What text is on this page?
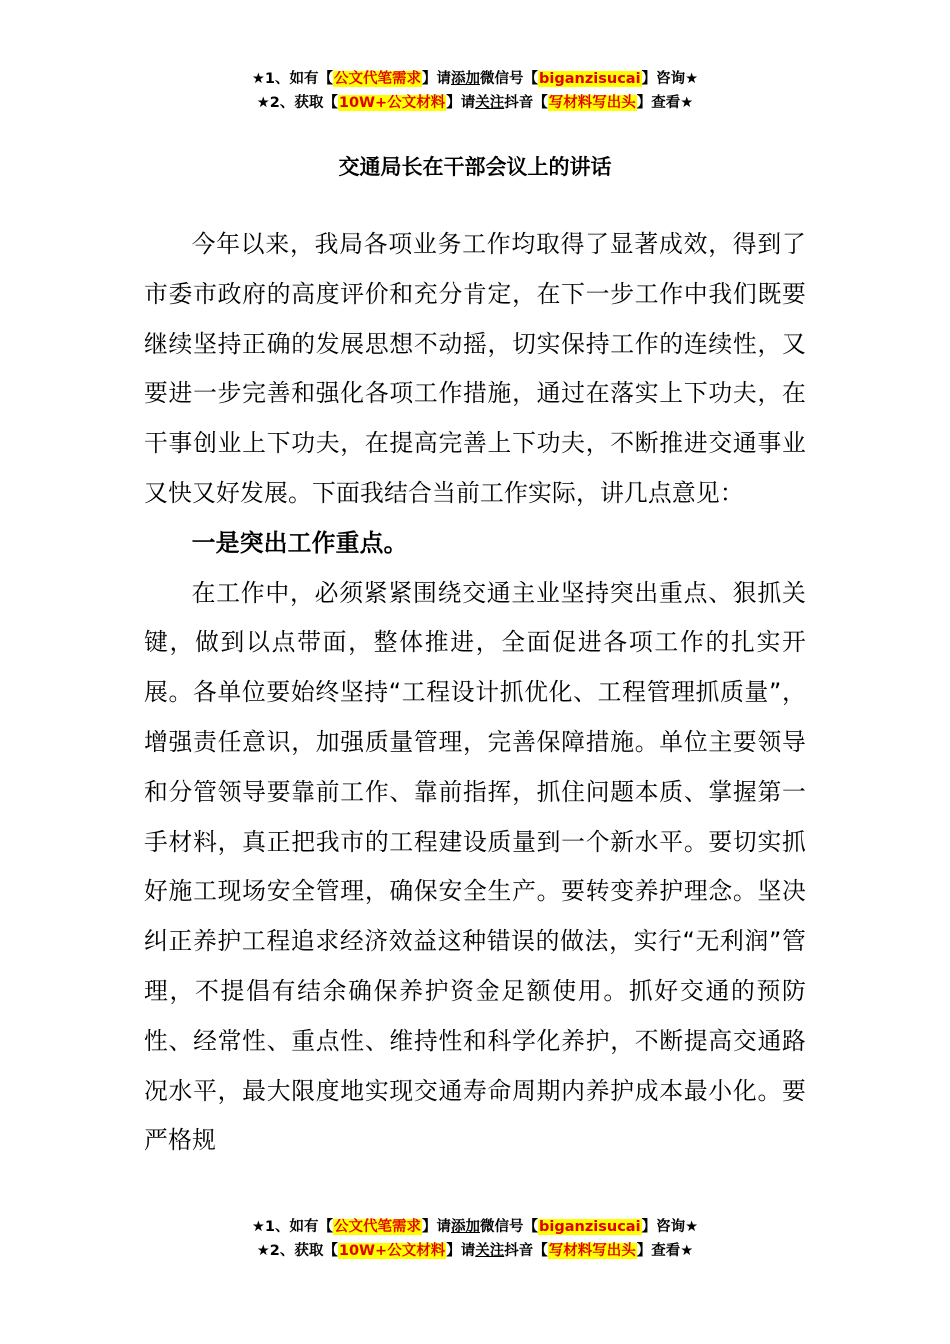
★1、如有【公文代笔需求】请添加微信号【biganzisucai】咨询★
★2、获取【10W+公文材料】请关注抖音【写材料写出头】查看★
交通局长在干部会议上的讲话

今年以来，我局各项业务工作均取得了显著成效，得到了市委市政府的高度评价和充分肯定，在下一步工作中我们既要继续坚持正确的发展思想不动摇，切实保持工作的连续性，又要进一步完善和强化各项工作措施，通过在落实上下功夫，在干事创业上下功夫，在提高完善上下功夫，不断推进交通事业又快又好发展。下面我结合当前工作实际，讲几点意见：

一是突出工作重点。

在工作中，必须紧紧围绕交通主业坚持突出重点、狠抓关键，做到以点带面，整体推进，全面促进各项工作的扎实开展。各单位要始终坚持“工程设计抓优化、工程管理抓质量”，增强责任意识，加强质量管理，完善保障措施。单位主要领导和分管领导要靠前工作、靠前指挥，抓住问题本质、掌握第一手材料，真正把我市的工程建设质量到一个新水平。要切实抓好施工现场安全管理，确保安全生产。要转变养护理念。坚决纠正养护工程追求经济效益这种错误的做法，实行“无利润”管理，不提倡有结余确保养护资金足额使用。抓好交通的预防性、经常性、重点性、维持性和科学化养护，不断提高交通路况水平，最大限度地实现交通寿命周期内养护成本最小化。要严格规

★1、如有【公文代笔需求】请添加微信号【biganzisucai】咨询★
★2、获取【10W+公文材料】请关注抖音【写材料写出头】查看★
